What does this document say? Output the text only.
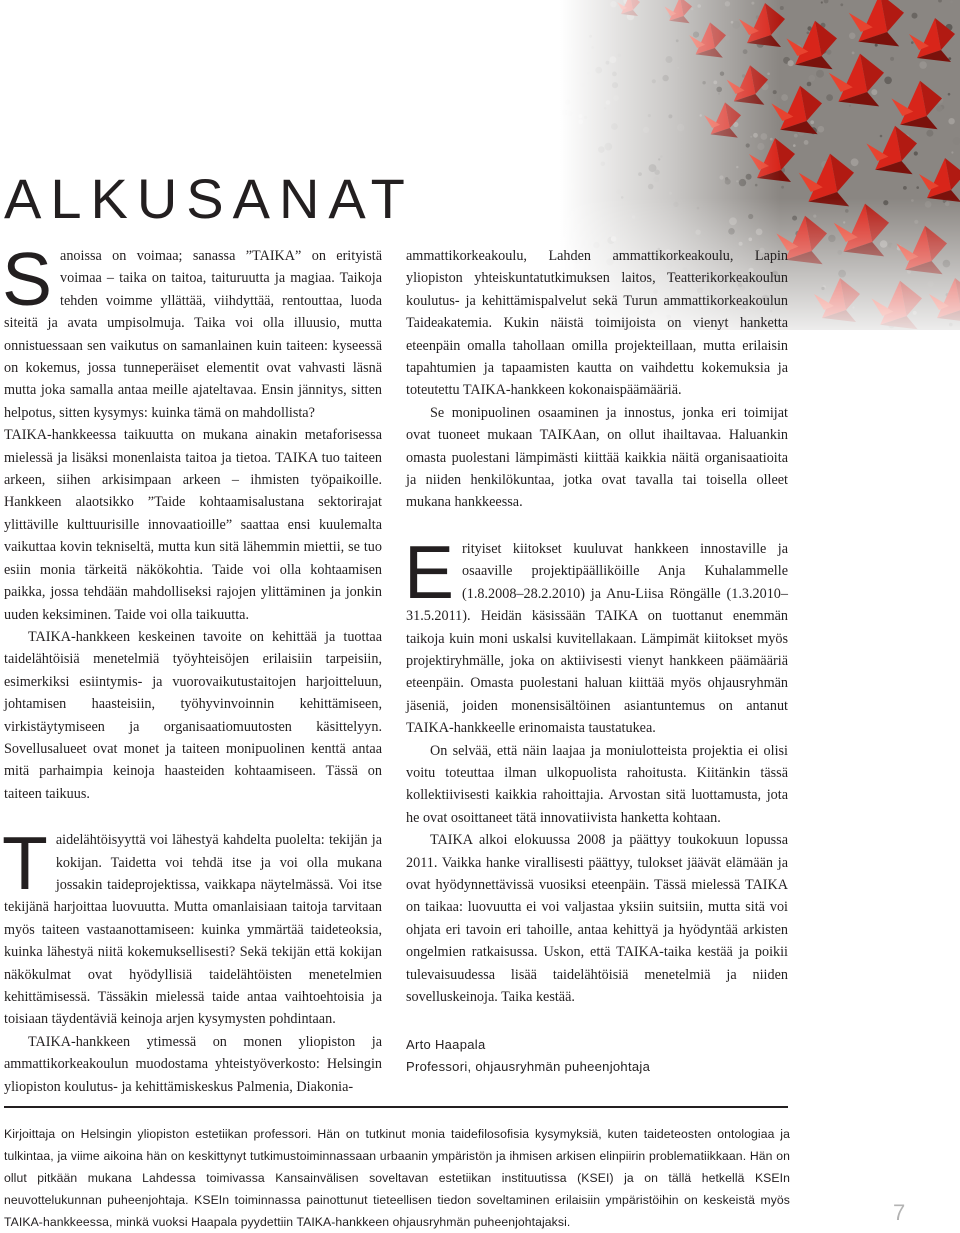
ALKUSANAT

Sanoissa on voimaa; sanassa ”TAIKA” on erityistä voimaa – taika on taitoa, taituruutta ja magiaa. Taikoja tehden voimme yllättää, viihdyttää, rentouttaa, luoda siteitä ja avata umpisolmuja. Taika voi olla illuusio, mutta onnistuessaan sen vaikutus on samanlainen kuin taiteen: kyseessä on kokemus, jossa tunneperäiset elementit ovat vahvasti läsnä mutta joka samalla antaa meille ajateltavaa. Ensin jännitys, sitten helpotus, sitten kysymys: kuinka tämä on mahdollista?

TAIKA-hankkeessa taikuutta on mukana ainakin metaforisessa mielessä ja lisäksi monenlaista taitoa ja tietoa. TAIKA tuo taiteen arkeen, siihen arkisimpaan arkeen – ihmisten työpaikoille. Hankkeen alaotsikko ”Taide kohtaamisalustana sektorirajat ylittäville kulttuurisille innovaatioille” saattaa ensi kuulemalta vaikuttaa kovin tekniseltä, mutta kun sitä lähemmin miettii, se tuo esiin monia tärkeitä näkökohtia. Taide voi olla kohtaamisen paikka, jossa tehdään mahdolliseksi rajojen ylittäminen ja jonkin uuden keksiminen. Taide voi olla taikuutta.

TAIKA-hankkeen keskeinen tavoite on kehittää ja tuottaa taidelähtöisiä menetelmiä työyhteisöjen erilaisiin tarpeisiin, esimerkiksi esiintymis- ja vuorovaikutustaitojen harjoitteluun, johtamisen haasteisiin, työhyvinvoinnin kehittämiseen, virkistäytymiseen ja organisaatiomuutosten käsittelyyn. Sovellusalueet ovat monet ja taiteen monipuolinen kenttä antaa mitä parhaimpia keinoja haasteiden kohtaamiseen. Tässä on taiteen taikuus.

Taidelähtöisyyttä voi lähestyä kahdelta puolelta: tekijän ja kokijan. Taidetta voi tehdä itse ja voi olla mukana jossakin taideprojektissa, vaikkapa näytelmässä. Voi itse tekijänä harjoittaa luovuutta. Mutta omanlaisiaan taitoja tarvitaan myös taiteen vastaanottamiseen: kuinka ymmärtää taideteoksia, kuinka lähestyä niitä kokemuksellisesti? Sekä tekijän että kokijan näkökulmat ovat hyödyllisiä taidelähtöisten menetelmien kehittämisessä. Tässäkin mielessä taide antaa vaihtoehtoisia ja toisiaan täydentäviä keinoja arjen kysymysten pohdintaan.

TAIKA-hankkeen ytimessä on monen yliopiston ja ammattikorkeakoulun muodostama yhteistyöverkosto: Helsingin yliopiston koulutus- ja kehittämiskeskus Palmenia, Diakonia-

ammattikorkeakoulu, Lahden ammattikorkeakoulu, Lapin yliopiston yhteiskuntatutkimuksen laitos, Teatterikorkeakoulun koulutus- ja kehittämispalvelut sekä Turun ammattikorkeakoulun Taideakatemia. Kukin näistä toimijoista on vienyt hanketta eteenpäin omalla tahollaan omilla projekteillaan, mutta erilaisin tapahtumien ja tapaamisten kautta on vaihdettu kokemuksia ja toteutettu TAIKA-hankkeen kokonaispäämääriä.

Se monipuolinen osaaminen ja innostus, jonka eri toimijat ovat tuoneet mukaan TAIKAan, on ollut ihailtavaa. Haluankin omasta puolestani lämpimästi kiittää kaikkia näitä organisaatioita ja niiden henkilökuntaa, jotka ovat tavalla tai toisella olleet mukana hankkeessa.

Erityiset kiitokset kuuluvat hankkeen innostaville ja osaaville projektipäälliköille Anja Kuhalammelle (1.8.2008–28.2.2010) ja Anu-Liisa Röngälle (1.3.2010–31.5.2011). Heidän käsissään TAIKA on tuottanut enemmän taikoja kuin moni uskalsi kuvitellakaan. Lämpimät kiitokset myös projektiryhmälle, joka on aktiivisesti vienyt hankkeen päämääriä eteenpäin. Omasta puolestani haluan kiittää myös ohjausryhmän jäseniä, joiden monensisältöinen asiantuntemus on antanut TAIKA-hankkeelle erinomaista taustatukea.

On selvää, että näin laajaa ja moniulotteista projektia ei olisi voitu toteuttaa ilman ulkopuolista rahoitusta. Kiitänkin tässä kollektiivisesti kaikkia rahoittajia. Arvostan sitä luottamusta, jota he ovat osoittaneet tätä innovatiivista hanketta kohtaan.

TAIKA alkoi elokuussa 2008 ja päättyy toukokuun lopussa 2011. Vaikka hanke virallisesti päättyy, tulokset jäävät elämään ja ovat hyödynnettävissä vuosiksi eteenpäin. Tässä mielessä TAIKA on taikaa: luovuutta ei voi valjastaa yksiin suitsiin, mutta sitä voi ohjata eri tavoin eri tahoille, antaa kehittyä ja hyödyntää arkisten ongelmien ratkaisussa. Uskon, että TAIKA-taika kestää ja poikii tulevaisuudessa lisää taidelähtöisiä menetelmiä ja niiden sovelluskeinoja. Taika kestää.

Arto Haapala
Professori, ohjausryhmän puheenjohtaja
Kirjoittaja on Helsingin yliopiston estetiikan professori. Hän on tutkinut monia taidefilosofisia kysymyksiä, kuten taideteosten ontologiaa ja tulkintaa, ja viime aikoina hän on keskittynyt tutkimustoiminnassaan urbaanin ympäristön ja ihmisen arkisen elinpiirin problematiikkaan. Hän on ollut pitkään mukana Lahdessa toimivassa Kansainvälisen soveltavan estetiikan instituutissa (KSEI) ja on tällä hetkellä KSEIn neuvottelukunnan puheenjohtaja. KSEIn toiminnassa painottunut tieteellisen tiedon soveltaminen erilaisiin ympäristöihin on keskeistä myös TAIKA-hankkeessa, minkä vuoksi Haapala pyydettiin TAIKA-hankkeen ohjausryhmän puheenjohtajaksi.	7
